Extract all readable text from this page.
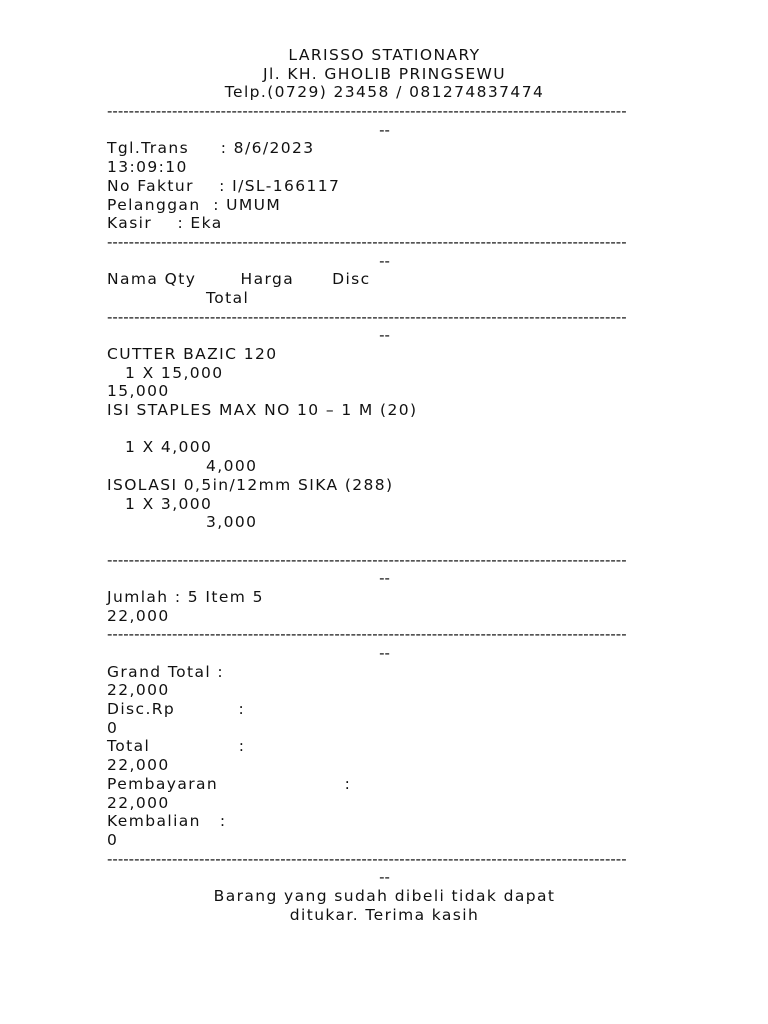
LARISSO STATIONARY
Jl. KH. GHOLIB PRINGSEWU
Telp.(0729) 23458 / 081274837474
------------------------------------------------------------------------------------------------
--
Tgl.Trans     : 8/6/2023
13:09:10
No Faktur    : I/SL-166117
Pelanggan  : UMUM
Kasir    : Eka
------------------------------------------------------------------------------------------------
--
Nama Qty       Harga      Disc
Total
------------------------------------------------------------------------------------------------
--
CUTTER BAZIC 120
1 X 15,000
15,000
ISI STAPLES MAX NO 10 – 1 M (20)
1 X 4,000
4,000
ISOLASI 0,5in/12mm SIKA (288)
1 X 3,000
3,000
------------------------------------------------------------------------------------------------
--
Jumlah : 5 Item 5
22,000
------------------------------------------------------------------------------------------------
--
Grand Total :
22,000
Disc.Rp          :
0
Total              :
22,000
Pembayaran                    :
22,000
Kembalian   :
0
------------------------------------------------------------------------------------------------
--
Barang yang sudah dibeli tidak dapat
ditukar. Terima kasih
